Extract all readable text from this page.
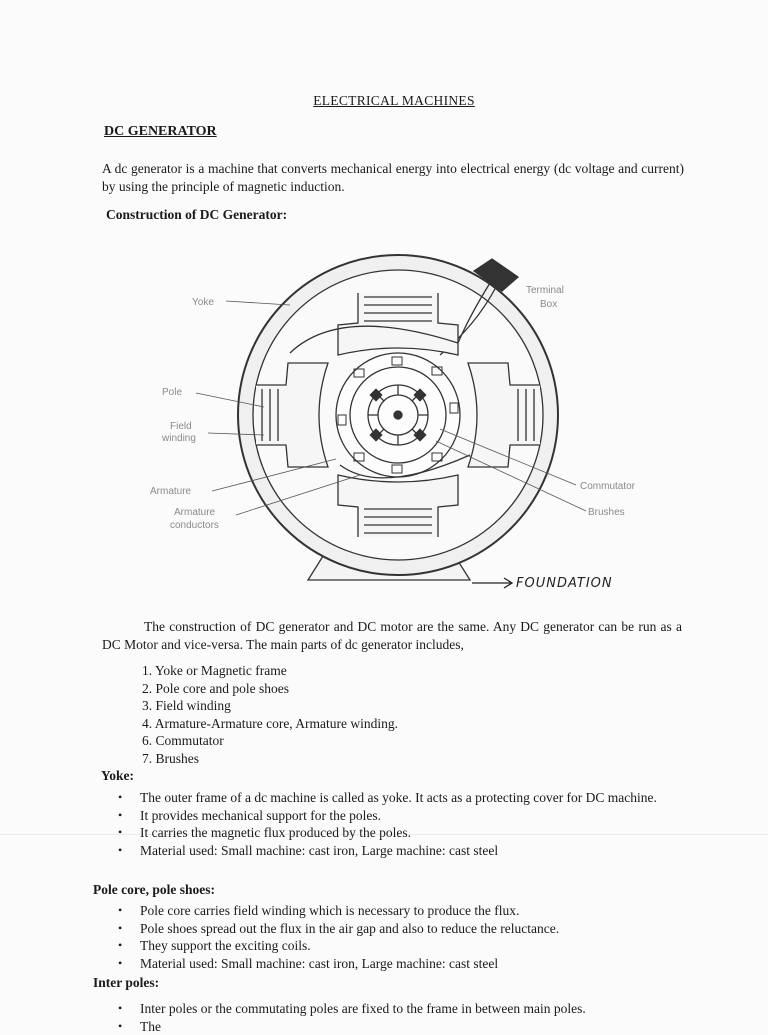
ELECTRICAL MACHINES
DC GENERATOR
A dc generator is a machine that converts mechanical energy into electrical energy (dc voltage and current) by using the principle of magnetic induction.
Construction of DC Generator:
Yoke
Terminal
Box
Pole
Field
winding
Armature
Armature
conductors
Commutator
Brushes
FOUNDATION
The construction of DC generator and DC motor are the same. Any DC generator can be run as a DC Motor and vice-versa. The main parts of dc generator includes,
1. Yoke or Magnetic frame
2. Pole core and pole shoes
3. Field winding
4. Armature-Armature core, Armature winding.
6. Commutator
7. Brushes
Yoke:
• The outer frame of a dc machine is called as yoke. It acts as a protecting cover for DC machine.
• It provides mechanical support for the poles.
• It carries the magnetic flux produced by the poles.
• Material used: Small machine: cast iron, Large machine: cast steel
Pole core, pole shoes:
• Pole core carries field winding which is necessary to produce the flux.
• Pole shoes spread out the flux in the air gap and also to reduce the reluctance.
• They support the exciting coils.
• Material used: Small machine: cast iron, Large machine: cast steel
Inter poles:
• Inter poles or the commutating poles are fixed to the frame in between main poles.
• The
